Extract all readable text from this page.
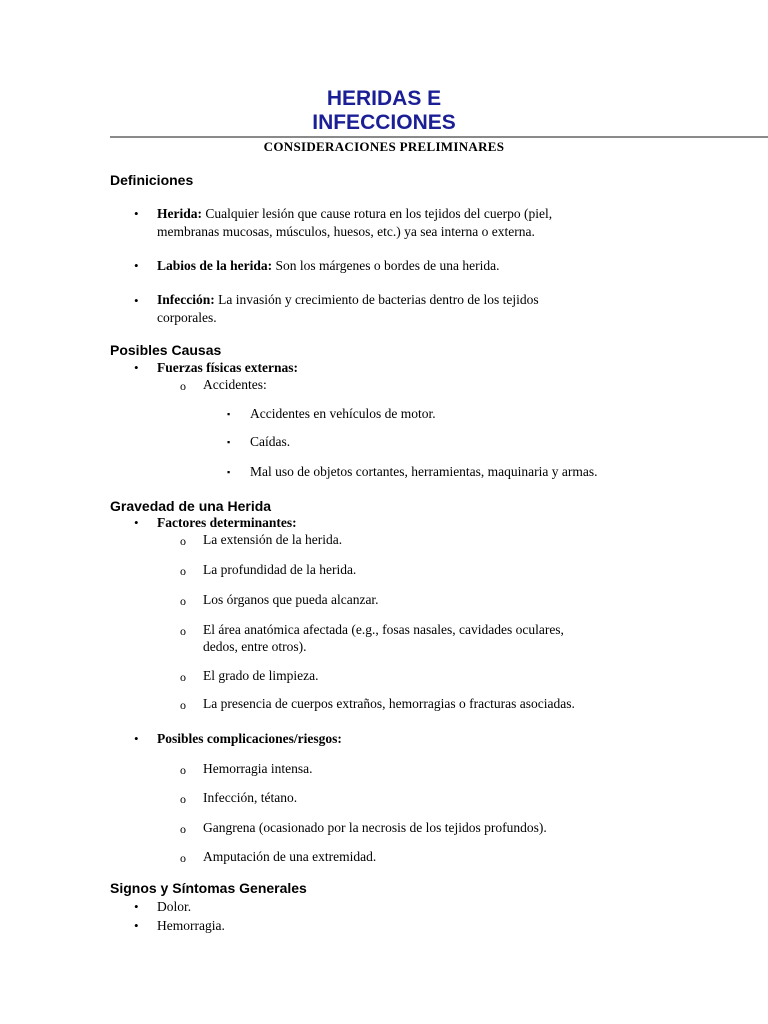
HERIDAS E
INFECCIONES
CONSIDERACIONES PRELIMINARES
Definiciones
• Herida: Cualquier lesión que cause rotura en los tejidos del cuerpo (piel,
membranas mucosas, músculos, huesos, etc.) ya sea interna o externa.
• Labios de la herida: Son los márgenes o bordes de una herida.
• Infección: La invasión y crecimiento de bacterias dentro de los tejidos
corporales.
Posibles Causas
• Fuerzas físicas externas:
o Accidentes:
▪ Accidentes en vehículos de motor.
▪ Caídas.
▪ Mal uso de objetos cortantes, herramientas, maquinaria y armas.
Gravedad de una Herida
• Factores determinantes:
o La extensión de la herida.
o La profundidad de la herida.
o Los órganos que pueda alcanzar.
o El área anatómica afectada (e.g., fosas nasales, cavidades oculares,
dedos, entre otros).
o El grado de limpieza.
o La presencia de cuerpos extraños, hemorragias o fracturas asociadas.
• Posibles complicaciones/riesgos:
o Hemorragia intensa.
o Infección, tétano.
o Gangrena (ocasionado por la necrosis de los tejidos profundos).
o Amputación de una extremidad.
Signos y Síntomas Generales
• Dolor.
• Hemorragia.
